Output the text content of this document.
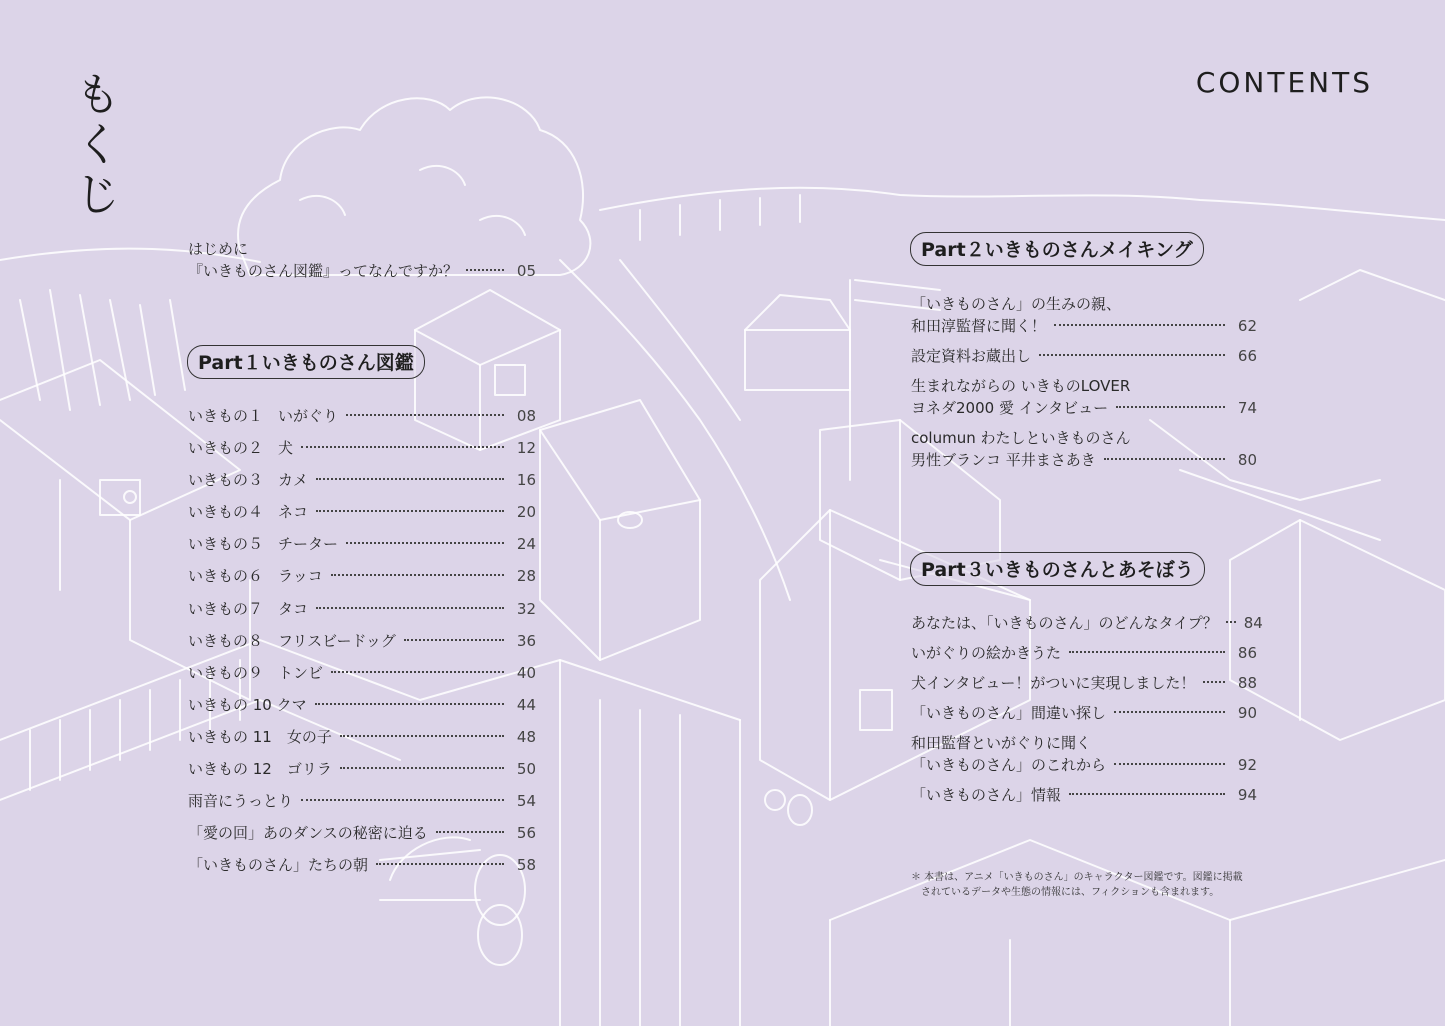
もくじ	CONTENTS
はじめに
『いきものさん図鑑』ってなんですか？	05
Part１いきものさん図鑑
いきもの１　いがぐり	08
いきもの２　犬	12
いきもの３　カメ	16
いきもの４　ネコ	20
いきもの５　チーター	24
いきもの６　ラッコ	28
いきもの７　タコ	32
いきもの８　フリスビードッグ	36
いきもの９　トンビ	40
いきもの 10 クマ	44
いきもの 11　女の子	48
いきもの 12　ゴリラ	50
雨音にうっとり	54
「愛の回」あのダンスの秘密に迫る	56
「いきものさん」たちの朝	58
Part２いきものさんメイキング
「いきものさん」の生みの親、
和田淳監督に聞く！	62
設定資料お蔵出し	66
生まれながらの いきものLOVER
ヨネダ2000 愛 インタビュー	74
columun わたしといきものさん
男性ブランコ 平井まさあき	80
Part３いきものさんとあそぼう
あなたは、「いきものさん」のどんなタイプ？ 84
いがぐりの絵かきうた	86
犬インタビュー！がついに実現しました！	88
「いきものさん」間違い探し	90
和田監督といがぐりに聞く
「いきものさん」のこれから	92
「いきものさん」情報	94
＊ 本書は、アニメ「いきものさん」のキャラクター図鑑です。図鑑に掲載
されているデータや生態の情報には、フィクションも含まれます。
